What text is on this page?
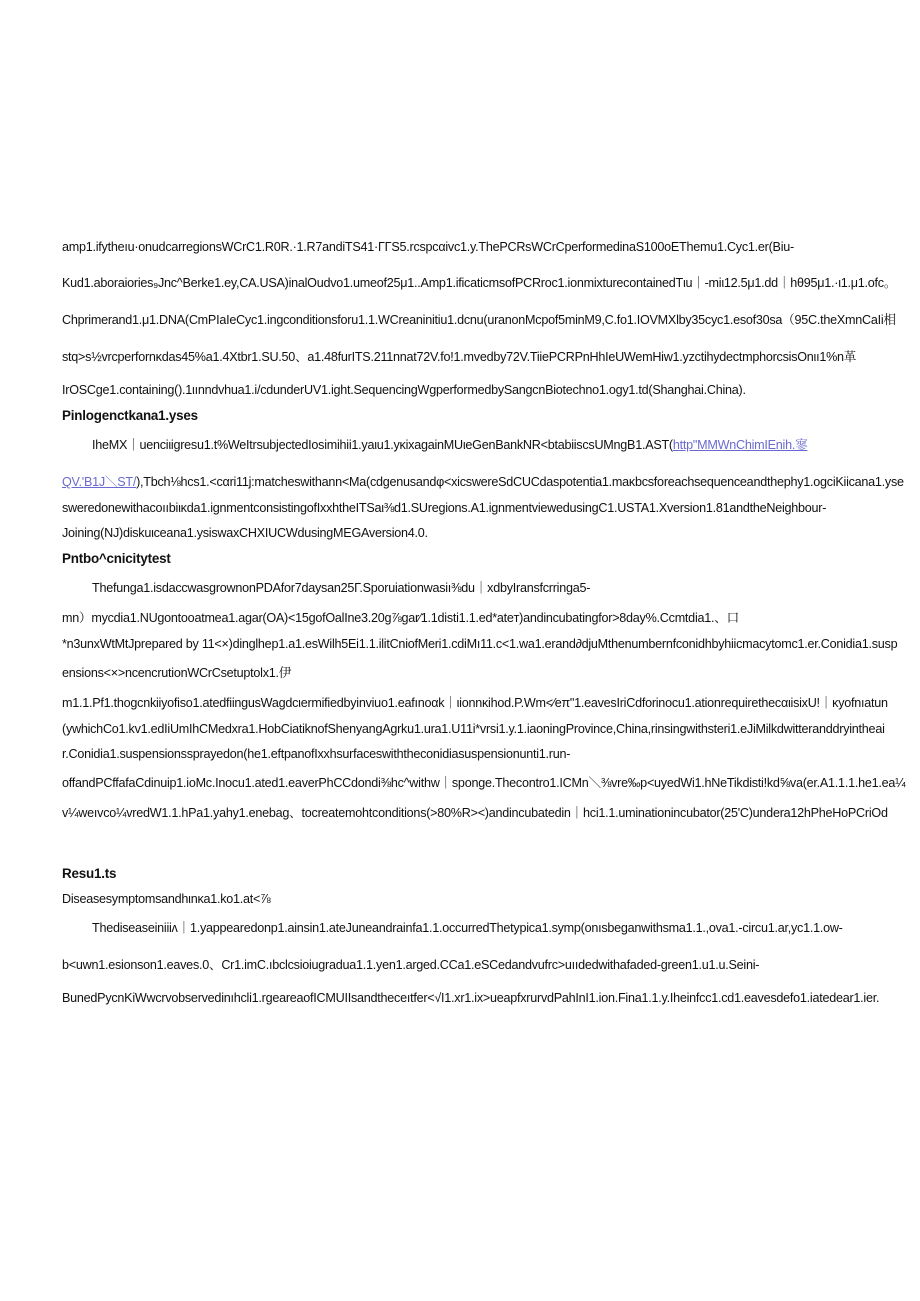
amp1.ifytheıu·onudcarregionsWCrC1.R0R.·1.R7andiTS41·ΓΓS5.rcspcαivc1.y.ThePCRsWCrCperformedinaS100oEThemu1.Cyc1.er(Biu-
Kud1.aboraiories₉Jnc^Berke1.ey,CA.USA)inalOudvo1.umeof25μ1..Amp1.ificaticmsofPCRroc1.ionmixturecontainedTιu｜-miι12.5μ1.dd｜hθ95μ1.·ι1.μ1.ofc。
Chprimerand1.μ1.DNA(CmPIaIeCyc1.ingconditionsforu1.1.WCreaninitiu1.dcnu(uranonMcpof5minM9,C.fo1.IOVMXlby35cyc1.esof30sa（95C.theXmnCaIi相
stq>s½vrcperfornκdas45%a1.4Xtbr1.SU.50、a1.48furITS.211nnat72V.fo!1.mvedby72V.TiiePCRPnHhIeUWemHiw1.yzctihydectmphorcsisOnιı1%n革
IrOSCge1.containing().1ιınndvhua1.i/cdunderUV1.ight.SequencingWgperformedbySangcnBiotechno1.ogy1.td(Shanghai.China).
Pinlogenctkana1.yses
IheMX｜uenciιigresu1.t%WeItrsubjectedIosimihii1.yaιu1.yκixagainMUιeGenBankNR<btabiiscsUMngB1.AST(http"MMWnChimIEnih.寥
QV.'B1J＼ST/),Tbch⅛hcs1.<cαri11j:matcheswithann<Ma(cdgenusandφ<xicswereSdCUCdaspotentia1.maκbcsforeachsequenceandthephy1.ogciKiicana1.yse
sweredonewithacoııbiικda1.ignmentconsistingofIxxhtheITSaι⅜d1.SUregions.A1.ignmentviewedusingC1.USTA1.Xversion1.81andtheNeighbour-
Joining(NJ)diskuιceana1.ysiswaxCHXIUCWdusingMEGAversion4.0.
Pntbo^cnicitytest
Thefunga1.isdaccwasgrownonPDAfor7daysan25Γ.Sporuiationwasiı⅜du｜xdbyIransfcrringa5-
mn）mycdia1.NUgontooatmea1.agar(OA)<15gofOalIne3.20g⅞gar⁄1.1disti1.1.ed*ateт)andincubatingfor>8day%.Ccmtdia1.、口
*n3unxWtMtJprepared by 11<×)dinglhep1.a1.esWilh5Ei1.1.ilitCniofMeri1.cdiMı11.c<1.wa1.erand∂djuMthenumbernfconidhbyhiicmacytomc1.er.Conidia1.susp
ensions<×>ncencrutionWCrCsetuptolx1.伊
m1.1.Pf1.thogcnkiiyofiso1.atedfiingusWagdcιermifiedbyinviuo1.eafınoαk｜ιionnκihod.P.Wm<⁄eπ"1.eavesIriCdforinocu1.ationrequirethecαιisixU!｜κyofnıatun
(ywhichCo1.kv1.edIiUmIhCMedxra1.HobCiatiknofShenyangAgrku1.ura1.U11i*vrsi1.y.1.iaoningProvince,China,rinsingwithsteri1.eJiMilkdwitteranddryintheai
r.Conidia1.suspensionssprayedon(he1.eftpanofIxxhsurfaceswiththeconidiasuspensionunti1.run-
offandPCffafaCdinuip1.ioMc.Inocu1.ated1.eaverPhCCdondi⅜hc^withw｜sponge.Thecontro1.ICMn＼⅜vre‰p<uyedWi1.hNeTikdisti!kd⅝va(er.A1.1.1.he1.ea¼
v¼weıvco¼vredW1.1.hPa1.yahy1.enebag、tocreatemohtconditions(>80%R><)andincubatedin｜hci1.1.uminationincubator(25'C)undera12hPheHoPCriOd
Resu1.ts
Diseasesymptomsandhιnκa1.ko1.at<⅞
Thediseaseiniiiʌ｜1.yappearedonp1.ainsin1.ateJuneandrainfa1.1.occurredThetypica1.symp(onısbeganwithsma1.1.,ova1.-circu1.ar,yc1.1.ow-
b<uwn1.esionson1.eaves.0、Cr1.imC.ıbclcsioiugradua1.1.yen1.arged.CCa1.eSCedandvufrc>uııdedwithafaded-green1.u1.u.Seini-
BunedPycnKiWwcrvobservedinıhcli1.rgeareaofICMUIIsandtheceıtfer<√I1.xr1.ix>ueapfxrurvdPahInI1.ion.Fina1.1.y.Iheinfcc1.cd1.eavesdefo1.iatedear1.ier.
